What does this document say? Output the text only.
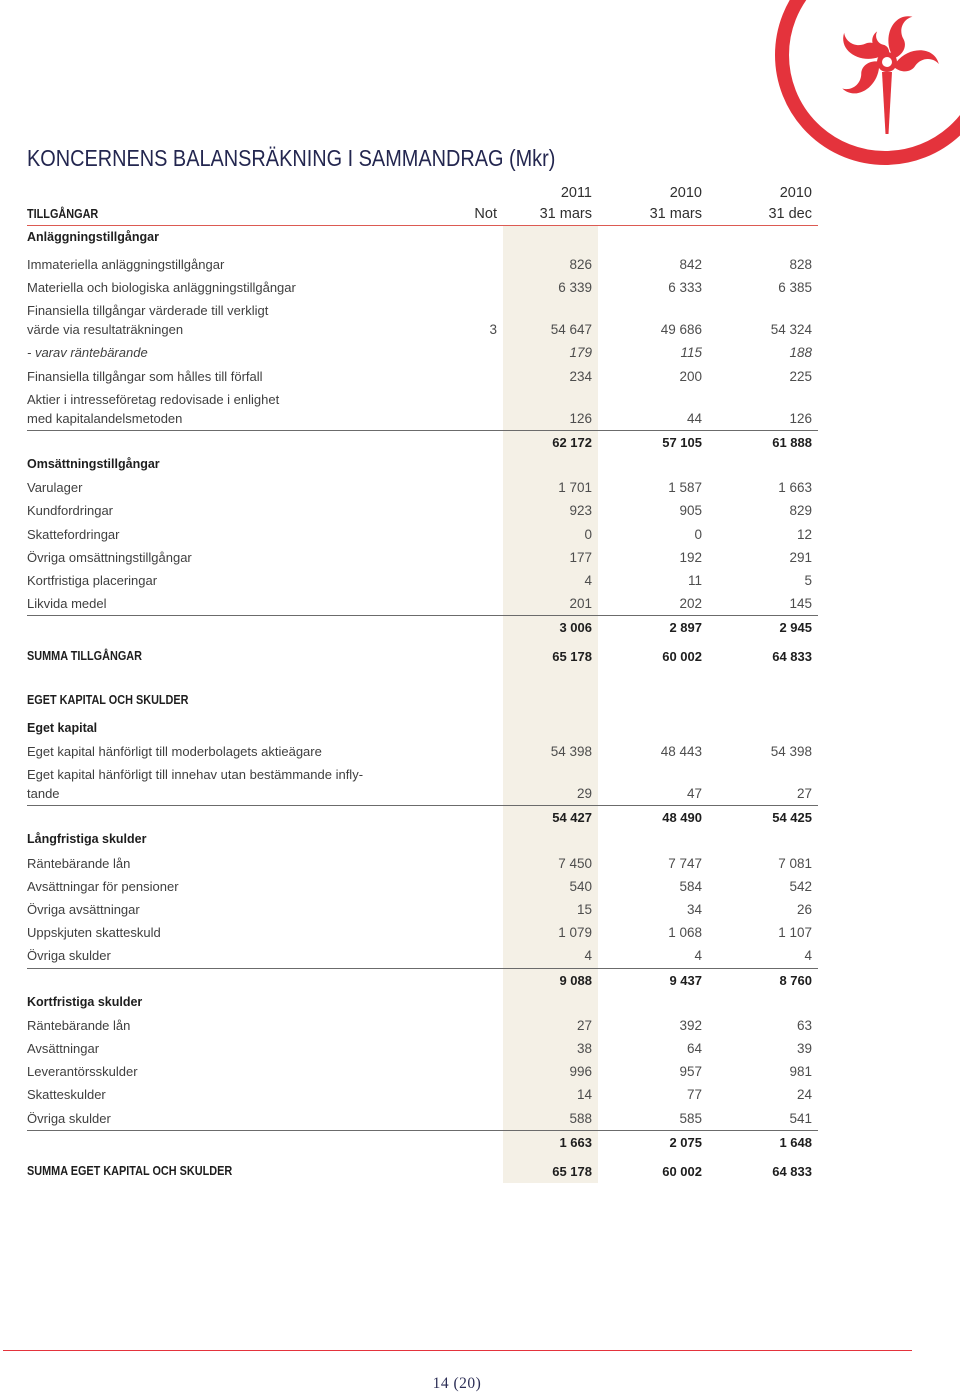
KONCERNENS BALANSRÄKNING I SAMMANDRAG (Mkr)
2011	2010	2010
TILLGÅNGAR	Not	31 mars	31 mars	31 dec
Anläggningstillgångar
Immateriella anläggningstillgångar	826	842	828
Materiella och biologiska anläggningstillgångar	6 339	6 333	6 385
Finansiella tillgångar värderade till verkligt
värde via resultaträkningen	3	54 647	49 686	54 324
- varav räntebärande	179	115	188
Finansiella tillgångar som hålles till förfall	234	200	225
Aktier i intresseföretag redovisade i enlighet
med kapitalandelsmetoden	126	44	126
62 172	57 105	61 888
Omsättningstillgångar
Varulager	1 701	1 587	1 663
Kundfordringar	923	905	829
Skattefordringar	0	0	12
Övriga omsättningstillgångar	177	192	291
Kortfristiga placeringar	4	11	5
Likvida medel	201	202	145
3 006	2 897	2 945
SUMMA TILLGÅNGAR	65 178	60 002	64 833
EGET KAPITAL OCH SKULDER
Eget kapital
Eget kapital hänförligt till moderbolagets aktieägare	54 398	48 443	54 398
Eget kapital hänförligt till innehav utan bestämmande infly-
tande	29	47	27
54 427	48 490	54 425
Långfristiga skulder
Räntebärande lån	7 450	7 747	7 081
Avsättningar för pensioner	540	584	542
Övriga avsättningar	15	34	26
Uppskjuten skatteskuld	1 079	1 068	1 107
Övriga skulder	4	4	4
9 088	9 437	8 760
Kortfristiga skulder
Räntebärande lån	27	392	63
Avsättningar	38	64	39
Leverantörsskulder	996	957	981
Skatteskulder	14	77	24
Övriga skulder	588	585	541
1 663	2 075	1 648
SUMMA EGET KAPITAL OCH SKULDER	65 178	60 002	64 833
14 (20)
